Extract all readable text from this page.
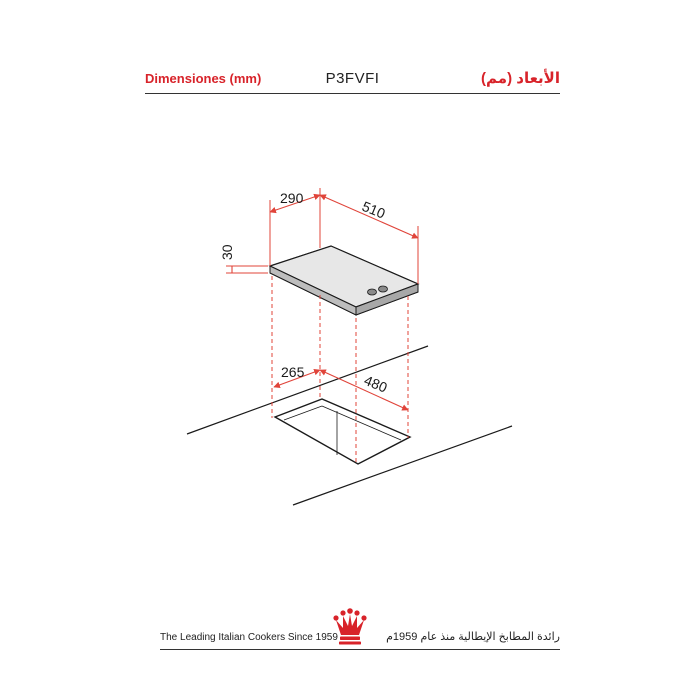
Dimensiones (mm)	P3FVFI	الأبعاد (مم)
290	510
30
265	480
The Leading Italian Cookers Since 1959	رائدة المطابخ الإيطالية منذ عام 1959م
